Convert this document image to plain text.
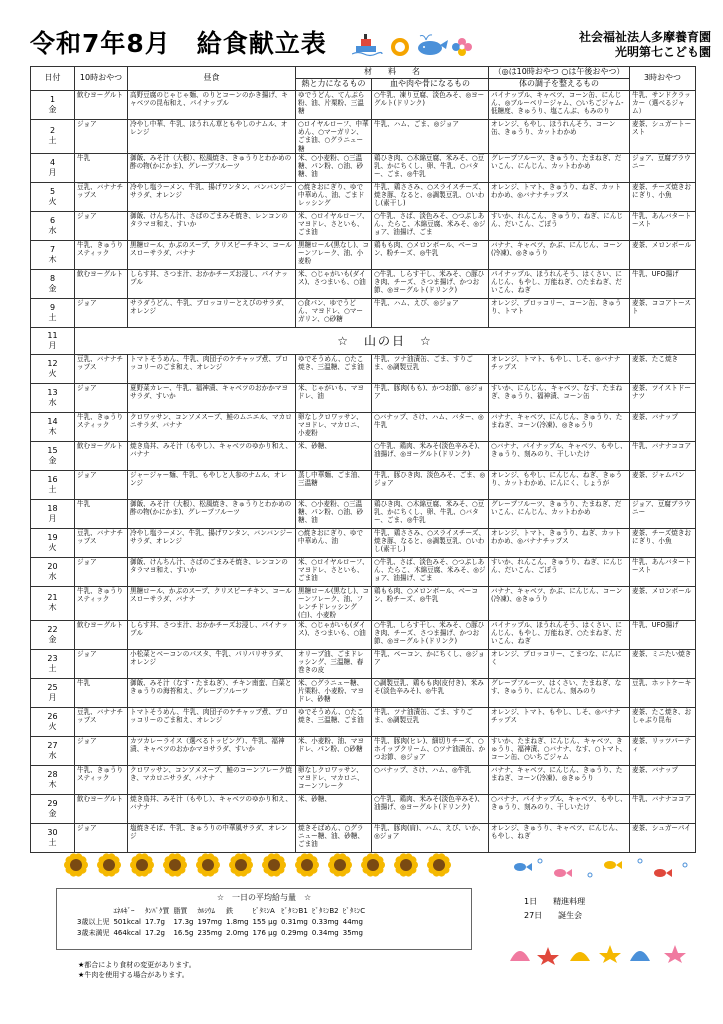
令和7年8月　給食献立表	社会福祉法人多摩養育園
光明第七こども園
日付	10時おやつ	昼食	材　　料　　名		（◎は10時おやつ ○は午後おやつ）	3時おやつ
			熱と力になるもの	血や肉や骨になるもの	体の調子を整えるもの	

1
金	飲むヨーグルト	高野豆腐のじゃじゃ麺、のりとコーンのかき揚げ、キャベツの昆布和え、パイナップル	ゆでうどん、てんぷら粉、油、片栗粉、三温糖	○牛乳、凍り豆腐、淡色みそ、◎ヨーグルト(ドリンク)	パイナップル、キャベツ、コーン缶、にんじん、◎ブルーベリージャム、○いちごジャム-低糖度、きゅうり、塩こんぶ、もみのり	牛乳、サンドクラッカー（選べるジャム）

2
土	ジョア	冷やし中華、牛乳、ほうれん草ともやしのナムル、オレンジ	○ロイヤルローフ、中華めん、○マーガリン、ごま油、○グラニュー糖	牛乳、ハム、ごま、◎ジョア	オレンジ、もやし、ほうれんそう、コーン缶、きゅうり、カットわかめ	麦茶、シュガートースト

4
月	牛乳	御飯、みそ汁（大根）、松風焼き、きゅうりとわかめの酢の物(かにかま)、グレープフルーツ	米、○小麦粉、○三温糖、パン粉、○油、砂糖、油	鶏ひき肉、○木綿豆腐、米みそ、○豆乳、かにちくし、卵、牛乳、○バター、ごま、◎牛乳	グレープフルーツ、きゅうり、たまねぎ、だいこん、にんじん、カットわかめ	ジョア、豆腐ブラウニー

5
火	豆乳、バナナチップス	冷やし塩ラーメン、牛乳、揚げワンタン、バンバンジーサラダ、オレンジ	○焼きおにぎり、ゆで中華めん、油、ごまドレッシング	牛乳、鶏ささみ、○スライスチーズ、焼き豚、なると、◎調製豆乳、○いわし(素干し)	オレンジ、トマト、きゅうり、ねぎ、カットわかめ、◎バナナチップス	麦茶、チーズ焼きおにぎり、小魚

6
水	ジョア	御飯、けんちん汁、さばのごまみそ焼き、レンコンのタラマヨ和え、すいか	米、○ロイヤルローフ、マヨドレ、さといも、ごま油	○牛乳、さば、淡色みそ、○つぶしあん、たらこ、木綿豆腐、米みそ、◎ジョア、油揚げ、ごま	すいか、れんこん、きゅうり、ねぎ、にんじん、だいこん、ごぼう	牛乳、あんバタートースト

7
木	牛乳、きゅうりスティック	黒糖ロール、かぶのスープ、クリスピーチキン、コールスローサラダ、バナナ	黒糖ロール(黒なし)、コーンフレーク、油、小麦粉	鶏もも肉、○メロンボール、ベーコン、粉チーズ、◎牛乳	バナナ、キャベツ、かぶ、にんじん、コーン(冷凍)、◎きゅうり	麦茶、メロンボール

8
金	飲むヨーグルト	しらす丼、さつま汁、おかかチーズお浸し、パイナップル	米、○じゃがいも(ダイス)、さつまいも、○油	○牛乳、しらす干し、米みそ、○豚ひき肉、チーズ、さつま揚げ、かつお節、◎ヨーグルト(ドリンク)	パイナップル、ほうれんそう、はくさい、にんじん、もやし、万能ねぎ、○たまねぎ、だいこん、ねぎ	牛乳、UFO揚げ

9
土	ジョア	サラダうどん、牛乳、ブロッコリーとえびのサラダ、オレンジ	○食パン、ゆでうどん、マヨドレ、○マーガリン、○砂糖	牛乳、ハム、えび、◎ジョア	オレンジ、ブロッコリー、コーン缶、きゅうり、トマト	麦茶、ココアトースト

11
月	☆　山の日　☆					

12
火	豆乳、バナナチップス	トマトそうめん、牛乳、肉団子のケチャップ煮、ブロッコリーのごま和え、オレンジ	ゆでそうめん、○たこ焼き、三温糖、ごま油	牛乳、ツナ油漬缶、ごま、すりごま、◎調製豆乳	オレンジ、トマト、もやし、しそ、◎バナナチップス	麦茶、たこ焼き

13
水	ジョア	夏野菜カレー、牛乳、福神漬、キャベツのおかかマヨサラダ、すいか	米、じゃがいも、マヨドレ、油	牛乳、豚肉(もも)、かつお節、◎ジョア	すいか、にんじん、キャベツ、なす、たまねぎ、きゅうり、福神漬、コーン缶	麦茶、ツイストドーナツ

14
木	牛乳、きゅうりスティック	クロワッサン、コンソメスープ、鮭のムニエル、マカロニサラダ、バナナ	卵なしクロワッサン、マヨドレ、マカロニ、小麦粉	○バナップ、さけ、ハム、バター、◎牛乳	バナナ、キャベツ、にんじん、きゅうり、たまねぎ、コーン(冷凍)、◎きゅうり	麦茶、バナップ

15
金	飲むヨーグルト	焼き鳥丼、みそ汁（もやし）、キャベツのゆかり和え、バナナ	米、砂糖、	○牛乳、鶏肉、米みそ(淡色辛みそ)、油揚げ、◎ヨーグルト(ドリンク)	○バナナ、パイナップル、キャベツ、もやし、きゅうり、刻みのり、干しいたけ	牛乳、バナナココア

16
土	ジョア	ジャージャー麺、牛乳、もやしと人参のナムル、オレンジ	蒸し中華麺、ごま油、三温糖	牛乳、豚ひき肉、淡色みそ、ごま、◎ジョア	オレンジ、もやし、にんじん、ねぎ、きゅうり、カットわかめ、にんにく、しょうが	麦茶、ジャムパン

18
月	牛乳	御飯、みそ汁（大根）、松風焼き、きゅうりとわかめの酢の物(かにかま)、グレープフルーツ	米、○小麦粉、○三温糖、パン粉、○油、砂糖、油	鶏ひき肉、○木綿豆腐、米みそ、○豆乳、かにちくし、卵、牛乳、○バター、ごま、◎牛乳	グレープフルーツ、きゅうり、たまねぎ、だいこん、にんじん、カットわかめ	ジョア、豆腐ブラウニー

19
火	豆乳、バナナチップス	冷やし塩ラーメン、牛乳、揚げワンタン、バンバンジーサラダ、オレンジ	○焼きおにぎり、ゆで中華めん、油	牛乳、鶏ささみ、○スライスチーズ、焼き豚、なると、◎調製豆乳、○いわし(素干し)	オレンジ、トマト、きゅうり、ねぎ、カットわかめ、◎バナナチップス	麦茶、チーズ焼きおにぎり、小魚

20
水	ジョア	御飯、けんちん汁、さばのごまみそ焼き、レンコンのタラマヨ和え、すいか	米、○ロイヤルローフ、マヨドレ、さといも、ごま油	○牛乳、さば、淡色みそ、○つぶしあん、たらこ、木綿豆腐、米みそ、◎ジョア、油揚げ、ごま	すいか、れんこん、きゅうり、ねぎ、にんじん、だいこん、ごぼう	牛乳、あんバタートースト

21
木	牛乳、きゅうりスティック	黒糖ロール、かぶのスープ、クリスピーチキン、コールスローサラダ、バナナ	黒糖ロール(黒なし)、コーンフレーク、油、フレンチドレッシング(白)、小麦粉	鶏もも肉、○メロンボール、ベーコン、粉チーズ、◎牛乳	バナナ、キャベツ、かぶ、にんじん、コーン(冷凍)、◎きゅうり	麦茶、メロンボール

22
金	飲むヨーグルト	しらす丼、さつま汁、おかかチーズお浸し、パイナップル	米、○じゃがいも(ダイス)、さつまいも、○油	○牛乳、しらす干し、米みそ、○豚ひき肉、チーズ、さつま揚げ、かつお節、◎ヨーグルト(ドリンク)	パイナップル、ほうれんそう、はくさい、にんじん、もやし、万能ねぎ、○たまねぎ、だいこん、ねぎ	牛乳、UFO揚げ

23
土	ジョア	小松菜とベーコンのパスタ、牛乳、パリパリサラダ、オレンジ	オリーブ油、ごまドレッシング、三温糖、春巻きの皮	牛乳、ベーコン、かにちくし、◎ジョア	オレンジ、ブロッコリー、こまつな、にんにく	麦茶、ミニたい焼き

25
月	牛乳	御飯、みそ汁（なす・たまねぎ）、チキン南蛮、白菜ときゅうりの海苔和え、グレープフルーツ	米、○グラニュー糖、片栗粉、小麦粉、マヨドレ、砂糖	○調製豆乳、鶏もも肉(皮付き)、米みそ(淡色辛みそ)、◎牛乳	グレープフルーツ、はくさい、たまねぎ、なす、きゅうり、にんじん、刻みのり	豆乳、ホットケーキ

26
火	豆乳、バナナチップス	トマトそうめん、牛乳、肉団子のケチャップ煮、ブロッコリーのごま和え、オレンジ	ゆでそうめん、○たこ焼き、三温糖、ごま油	牛乳、ツナ油漬缶、ごま、すりごま、◎調製豆乳	オレンジ、トマト、もやし、しそ、◎バナナチップス	麦茶、たこ焼き、おしゃぶり昆布

27
水	ジョア	カツカレーライス（選べるトッピング）、牛乳、福神漬、キャベツのおかかマヨサラダ、すいか	米、小麦粉、油、マヨドレ、パン粉、○砂糖	牛乳、豚肉(ヒレ)、細切りチーズ、○ホイップクリーム、○ツナ油漬缶、かつお節、◎ジョア	すいか、たまねぎ、にんじん、キャベツ、きゅうり、福神漬、○バナナ、なす、○トマト、コーン缶、○いちごジャム	麦茶、リッツパーティ

28
木	牛乳、きゅうりスティック	クロワッサン、コンソメスープ、鮭のコーンフレーク焼き、マカロニサラダ、バナナ	卵なしクロワッサン、マヨドレ、マカロニ、コーンフレーク	○バナップ、さけ、ハム、◎牛乳	バナナ、キャベツ、にんじん、きゅうり、たまねぎ、コーン(冷凍)、◎きゅうり	麦茶、バナップ

29
金	飲むヨーグルト	焼き鳥丼、みそ汁（もやし）、キャベツのゆかり和え、バナナ	米、砂糖、	○牛乳、鶏肉、米みそ(淡色辛みそ)、油揚げ、◎ヨーグルト(ドリンク)	○バナナ、パイナップル、キャベツ、もやし、きゅうり、刻みのり、干しいたけ	牛乳、バナナココア

30
土	ジョア	塩焼きそば、牛乳、きゅうりの中華風サラダ、オレンジ	焼きそばめん、○グラニュー糖、油、砂糖、ごま油	牛乳、豚肉(肩)、ハム、えび、いか、◎ジョア	オレンジ、きゅうり、キャベツ、にんじん、もやし、ねぎ	麦茶、シュガーパイ
☆　一日の平均給与量　☆
	ｴﾈﾙｷﾞｰ	ﾀﾝﾊﾟｸ質	脂質	ｶﾙｼｳﾑ	鉄	ﾋﾞﾀﾐﾝA	ﾋﾞﾀﾐﾝB1	ﾋﾞﾀﾐﾝB2	ﾋﾞﾀﾐﾝC
3歳以上児	501kcal	17.7g	17.3g	197mg	1.8mg	155 μg	0.31mg	0.33mg	44mg
3歳未満児	464kcal	17.2g	16.5g	235mg	2.0mg	176 μg	0.29mg	0.34mg	35mg
1日　　精進料理
27日　　誕生会
★都合により食材の変更があります。
★牛肉を使用する場合があります。
